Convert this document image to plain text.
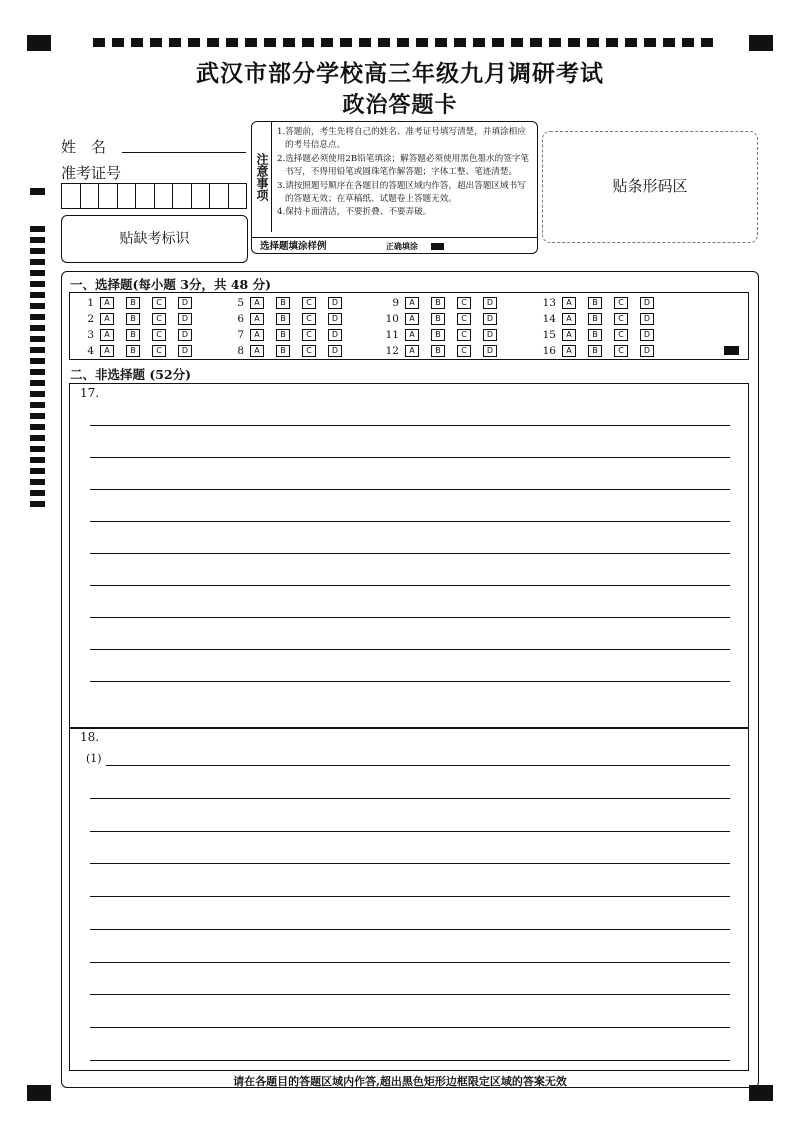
武汉市部分学校高三年级九月调研考试
政治答题卡
姓　名
准考证号
贴缺考标识
注意事项
1.答题前，考生先将自己的姓名、准考证号填写清楚，并填涂相应的考号信息点。
2.选择题必须使用2B铅笔填涂；解答题必须使用黑色墨水的签字笔书写，不得用铅笔或圆珠笔作解答题；字体工整、笔迹清楚。
3.请按照题号顺序在各题目的答题区域内作答，超出答题区域书写的答题无效；在草稿纸、试题卷上答题无效。
4.保持卡面清洁，不要折叠、不要弄破。
选择题填涂样例	正确填涂
贴条形码区
一、选择题(每小题 3分，共 48 分)
1	A	B	C	D
2	A	B	C	D
3	A	B	C	D
4	A	B	C	D
5	A	B	C	D
6	A	B	C	D
7	A	B	C	D
8	A	B	C	D
9	A	B	C	D
10	A	B	C	D
11	A	B	C	D
12	A	B	C	D
13	A	B	C	D
14	A	B	C	D
15	A	B	C	D
16	A	B	C	D
二、非选择题 (52分)
17.
18.
(1)
请在各题目的答题区域内作答,超出黑色矩形边框限定区域的答案无效
